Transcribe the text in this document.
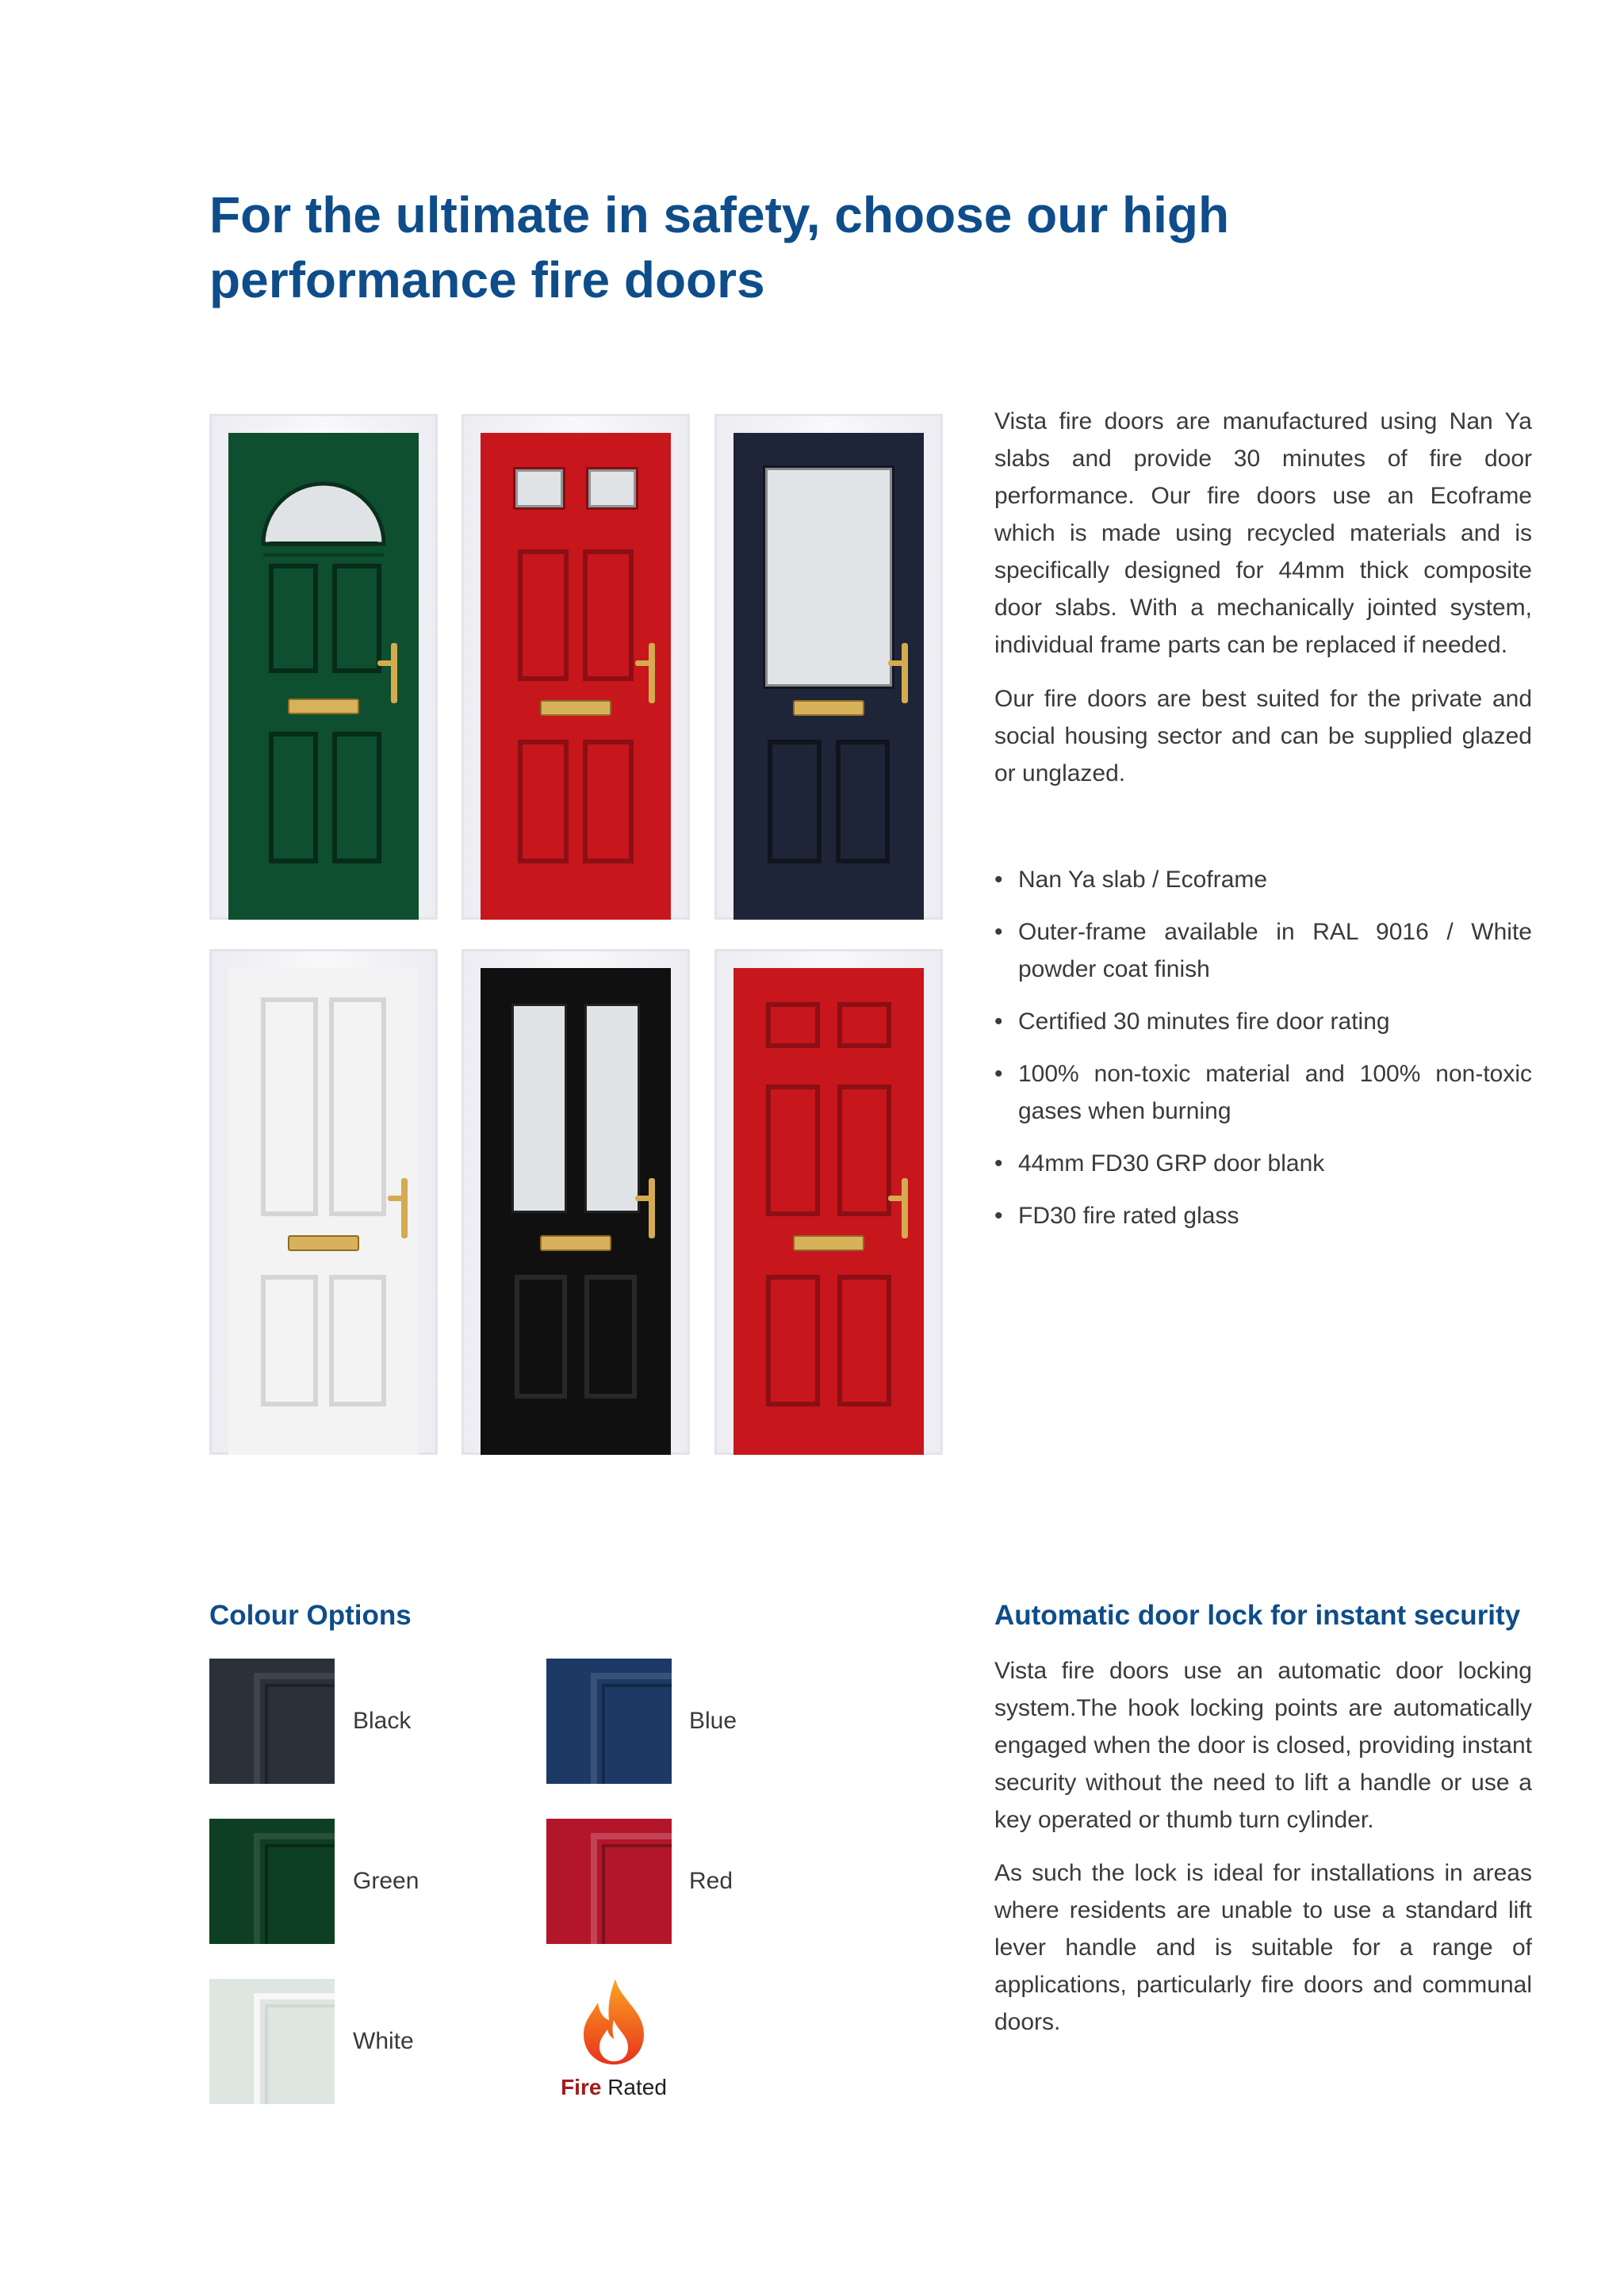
For the ultimate in safety, choose our high
performance fire doors

Vista fire doors are manufactured using Nan Ya slabs and provide 30 minutes of fire door performance. Our fire doors use an Ecoframe which is made using recycled materials and is specifically designed for 44mm thick composite door slabs. With a mechanically jointed system, individual frame parts can be replaced if needed.

Our fire doors are best suited for the private and social housing sector and can be supplied glazed or unglazed.

• Nan Ya slab / Ecoframe
• Outer-frame available in RAL 9016 / White powder coat finish
• Certified 30 minutes fire door rating
• 100% non-toxic material and 100% non-toxic gases when burning
• 44mm FD30 GRP door blank
• FD30 fire rated glass
Colour Options
Black	Blue
Green	Red
White
Fire Rated
Automatic door lock for instant security

Vista fire doors use an automatic door locking system.The hook locking points are automatically engaged when the door is closed, providing instant security without the need to lift a handle or use a key operated or thumb turn cylinder.

As such the lock is ideal for installations in areas where residents are unable to use a standard lift lever handle and is suitable for a range of applications, particularly fire doors and communal doors.
